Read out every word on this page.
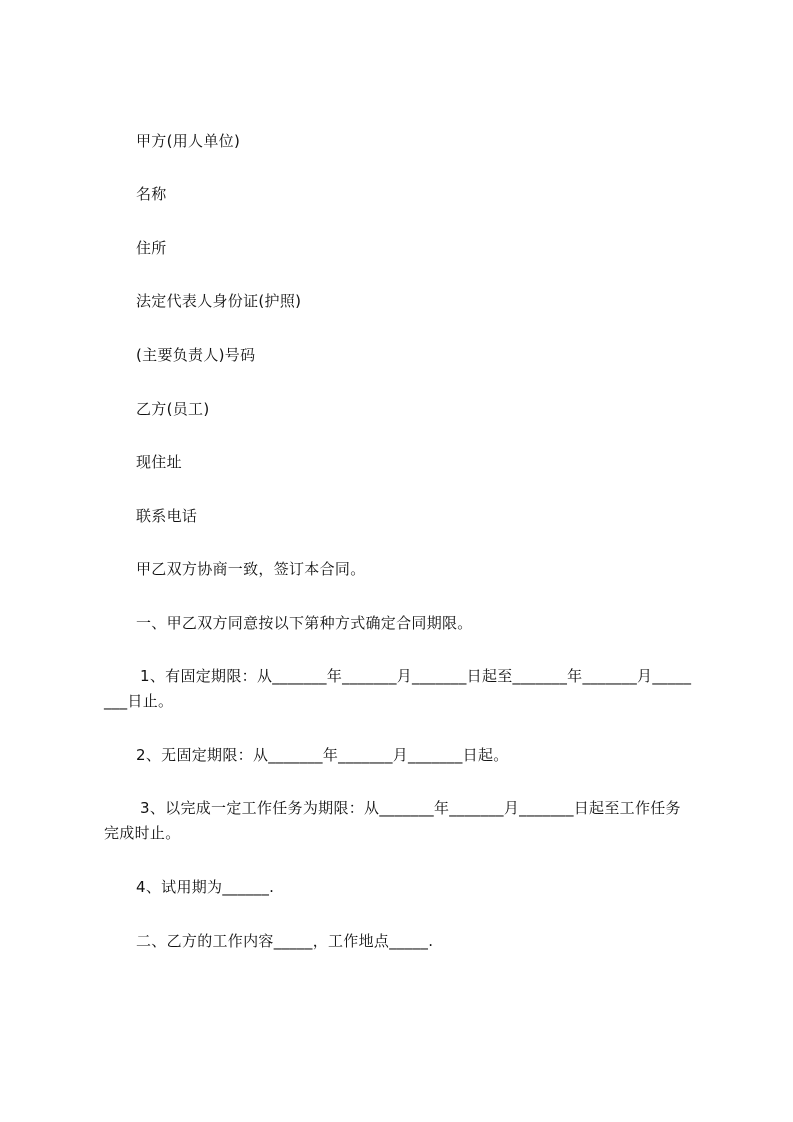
甲方(用人单位)
名称
住所
法定代表人身份证(护照)
(主要负责人)号码
乙方(员工)
现住址
联系电话
甲乙双方协商一致，签订本合同。
一、甲乙双方同意按以下第种方式确定合同期限。
1、有固定期限：从_______年_______月_______日起至_______年_______月_____
___日止。
2、无固定期限：从_______年_______月_______日起。
3、以完成一定工作任务为期限：从_______年_______月_______日起至工作任务
完成时止。
4、试用期为______.
二、乙方的工作内容_____，工作地点_____.
